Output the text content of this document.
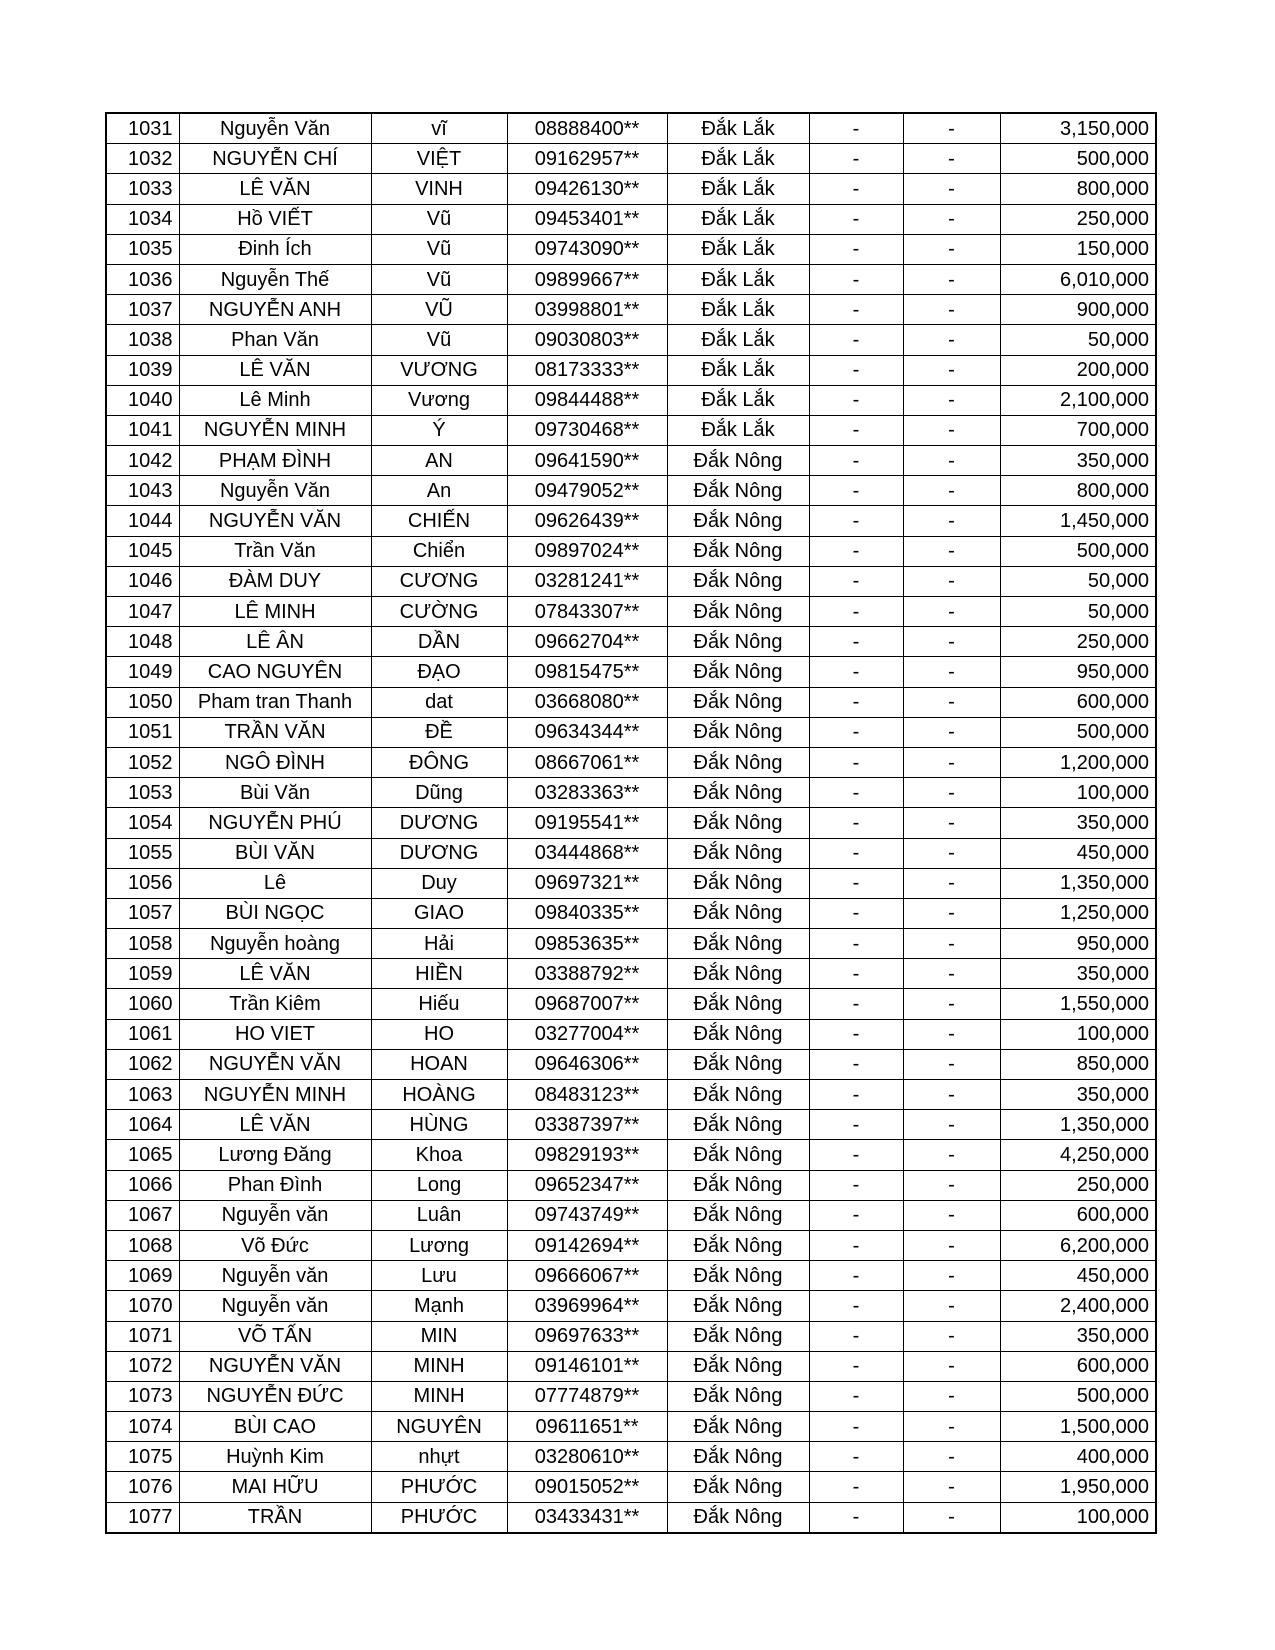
1031	Nguyễn Văn	vĩ	08888400**	Đắk Lắk	-	-	3,150,000
1032	NGUYỄN CHÍ	VIỆT	09162957**	Đắk Lắk	-	-	500,000
1033	LÊ VĂN	VINH	09426130**	Đắk Lắk	-	-	800,000
1034	Hồ VIẾT	Vũ	09453401**	Đắk Lắk	-	-	250,000
1035	Đinh Ích	Vũ	09743090**	Đắk Lắk	-	-	150,000
1036	Nguyễn Thế	Vũ	09899667**	Đắk Lắk	-	-	6,010,000
1037	NGUYỄN ANH	VŨ	03998801**	Đắk Lắk	-	-	900,000
1038	Phan Văn	Vũ	09030803**	Đắk Lắk	-	-	50,000
1039	LÊ VĂN	VƯƠNG	08173333**	Đắk Lắk	-	-	200,000
1040	Lê Minh	Vương	09844488**	Đắk Lắk	-	-	2,100,000
1041	NGUYỄN MINH	Ý	09730468**	Đắk Lắk	-	-	700,000
1042	PHẠM ĐÌNH	AN	09641590**	Đắk Nông	-	-	350,000
1043	Nguyễn Văn	An	09479052**	Đắk Nông	-	-	800,000
1044	NGUYỄN VĂN	CHIẾN	09626439**	Đắk Nông	-	-	1,450,000
1045	Trần Văn	Chiển	09897024**	Đắk Nông	-	-	500,000
1046	ĐÀM DUY	CƯƠNG	03281241**	Đắk Nông	-	-	50,000
1047	LÊ MINH	CƯỜNG	07843307**	Đắk Nông	-	-	50,000
1048	LÊ ÂN	DẦN	09662704**	Đắk Nông	-	-	250,000
1049	CAO NGUYÊN	ĐẠO	09815475**	Đắk Nông	-	-	950,000
1050	Pham tran Thanh	dat	03668080**	Đắk Nông	-	-	600,000
1051	TRẦN VĂN	ĐỀ	09634344**	Đắk Nông	-	-	500,000
1052	NGÔ ĐÌNH	ĐÔNG	08667061**	Đắk Nông	-	-	1,200,000
1053	Bùi Văn	Dũng	03283363**	Đắk Nông	-	-	100,000
1054	NGUYỄN PHÚ	DƯƠNG	09195541**	Đắk Nông	-	-	350,000
1055	BÙI VĂN	DƯƠNG	03444868**	Đắk Nông	-	-	450,000
1056	Lê	Duy	09697321**	Đắk Nông	-	-	1,350,000
1057	BÙI NGỌC	GIAO	09840335**	Đắk Nông	-	-	1,250,000
1058	Nguyễn hoàng	Hải	09853635**	Đắk Nông	-	-	950,000
1059	LÊ VĂN	HIỀN	03388792**	Đắk Nông	-	-	350,000
1060	Trần Kiêm	Hiếu	09687007**	Đắk Nông	-	-	1,550,000
1061	HO VIET	HO	03277004**	Đắk Nông	-	-	100,000
1062	NGUYỄN VĂN	HOAN	09646306**	Đắk Nông	-	-	850,000
1063	NGUYỄN MINH	HOÀNG	08483123**	Đắk Nông	-	-	350,000
1064	LÊ VĂN	HÙNG	03387397**	Đắk Nông	-	-	1,350,000
1065	Lương Đăng	Khoa	09829193**	Đắk Nông	-	-	4,250,000
1066	Phan Đình	Long	09652347**	Đắk Nông	-	-	250,000
1067	Nguyễn văn	Luân	09743749**	Đắk Nông	-	-	600,000
1068	Võ Đức	Lương	09142694**	Đắk Nông	-	-	6,200,000
1069	Nguyễn văn	Lưu	09666067**	Đắk Nông	-	-	450,000
1070	Nguyễn văn	Mạnh	03969964**	Đắk Nông	-	-	2,400,000
1071	VÕ TẤN	MIN	09697633**	Đắk Nông	-	-	350,000
1072	NGUYỄN VĂN	MINH	09146101**	Đắk Nông	-	-	600,000
1073	NGUYỄN ĐỨC	MINH	07774879**	Đắk Nông	-	-	500,000
1074	BÙI CAO	NGUYÊN	09611651**	Đắk Nông	-	-	1,500,000
1075	Huỳnh Kim	nhựt	03280610**	Đắk Nông	-	-	400,000
1076	MAI HỮU	PHƯỚC	09015052**	Đắk Nông	-	-	1,950,000
1077	TRẦN	PHƯỚC	03433431**	Đắk Nông	-	-	100,000
